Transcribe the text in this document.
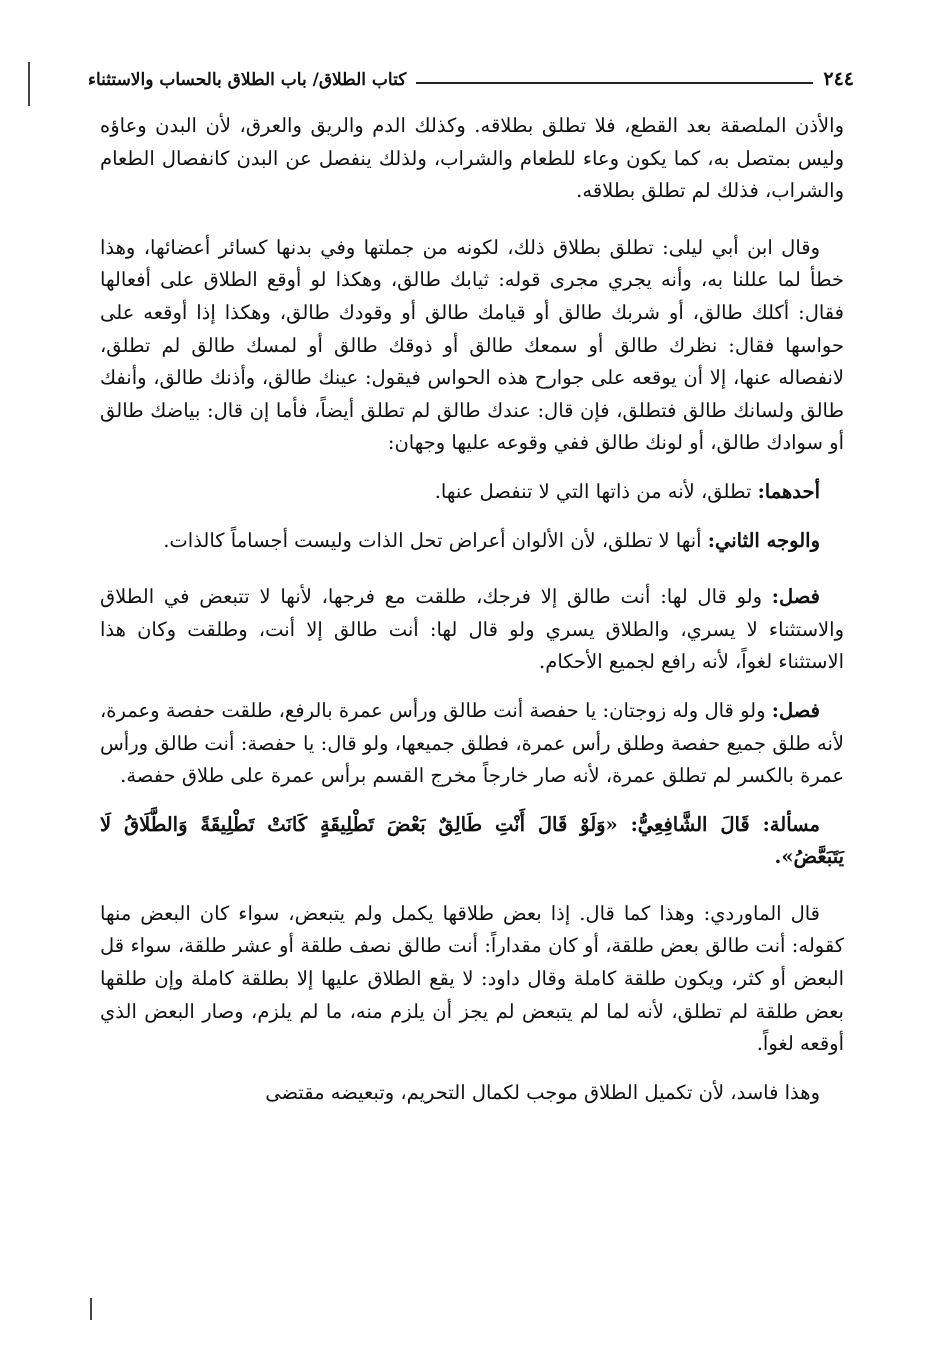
٢٤٤
كتاب الطلاق/ باب الطلاق بالحساب والاستثناء

والأذن الملصقة بعد القطع، فلا تطلق بطلاقه. وكذلك الدم والريق والعرق، لأن البدن وعاؤه وليس بمتصل به، كما يكون وعاء للطعام والشراب، ولذلك ينفصل عن البدن كانفصال الطعام والشراب، فذلك لم تطلق بطلاقه.

وقال ابن أبي ليلى: تطلق بطلاق ذلك، لكونه من جملتها وفي بدنها كسائر أعضائها، وهذا خطأ لما عللنا به، وأنه يجري مجرى قوله: ثيابك طالق، وهكذا لو أوقع الطلاق على أفعالها فقال: أكلك طالق، أو شربك طالق أو قيامك طالق أو وقودك طالق، وهكذا إذا أوقعه على حواسها فقال: نظرك طالق أو سمعك طالق أو ذوقك طالق أو لمسك طالق لم تطلق، لانفصاله عنها، إلا أن يوقعه على جوارح هذه الحواس فيقول: عينك طالق، وأذنك طالق، وأنفك طالق ولسانك طالق فتطلق، فإن قال: عندك طالق لم تطلق أيضاً، فأما إن قال: بياضك طالق أو سوادك طالق، أو لونك طالق ففي وقوعه عليها وجهان:

أحدهما: تطلق، لأنه من ذاتها التي لا تنفصل عنها.

والوجه الثاني: أنها لا تطلق، لأن الألوان أعراض تحل الذات وليست أجساماً كالذات.

فصل: ولو قال لها: أنت طالق إلا فرجك، طلقت مع فرجها، لأنها لا تتبعض في الطلاق والاستثناء لا يسري، والطلاق يسري ولو قال لها: أنت طالق إلا أنت، وطلقت وكان هذا الاستثناء لغواً، لأنه رافع لجميع الأحكام.

فصل: ولو قال وله زوجتان: يا حفصة أنت طالق ورأس عمرة بالرفع، طلقت حفصة وعمرة، لأنه طلق جميع حفصة وطلق رأس عمرة، فطلق جميعها، ولو قال: يا حفصة: أنت طالق ورأس عمرة بالكسر لم تطلق عمرة، لأنه صار خارجاً مخرج القسم برأس عمرة على طلاق حفصة.

مسألة: قَالَ الشَّافِعِيُّ: «وَلَوْ قَالَ أَنْتِ طَالِقٌ بَعْضَ تَطْلِيقَةٍ كَانَتْ تَطْلِيقَةً وَالطَّلَاقُ لَا يَتَبَعَّضُ».

قال الماوردي: وهذا كما قال. إذا بعض طلاقها يكمل ولم يتبعض، سواء كان البعض منها كقوله: أنت طالق بعض طلقة، أو كان مقداراً: أنت طالق نصف طلقة أو عشر طلقة، سواء قل البعض أو كثر، ويكون طلقة كاملة وقال داود: لا يقع الطلاق عليها إلا بطلقة كاملة وإن طلقها بعض طلقة لم تطلق، لأنه لما لم يتبعض لم يجز أن يلزم منه، ما لم يلزم، وصار البعض الذي أوقعه لغواً.

وهذا فاسد، لأن تكميل الطلاق موجب لكمال التحريم، وتبعيضه مقتضى
